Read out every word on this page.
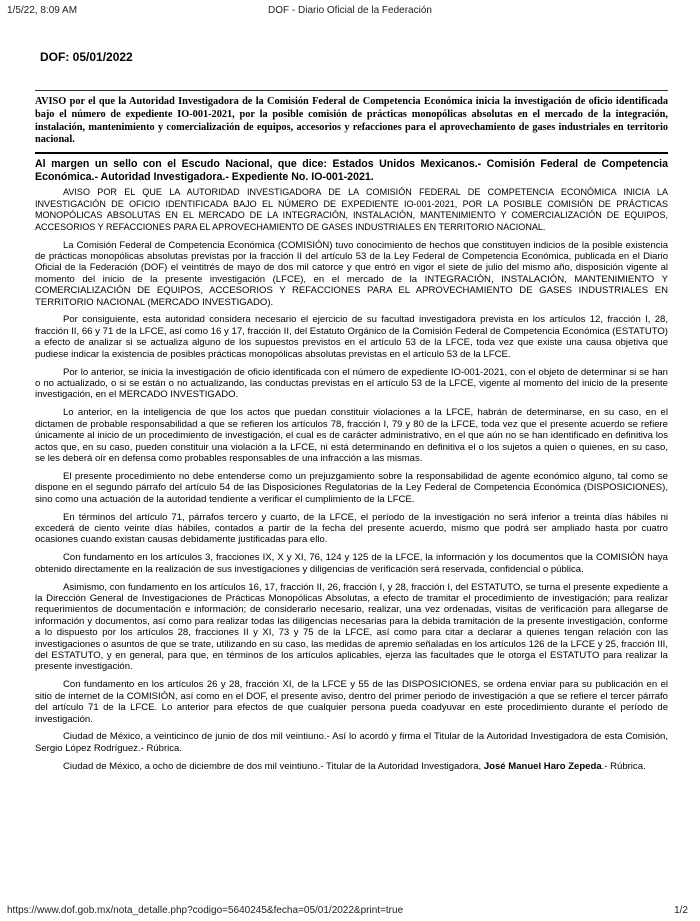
1/5/22, 8:09 AM	DOF - Diario Oficial de la Federación
DOF: 05/01/2022
AVISO por el que la Autoridad Investigadora de la Comisión Federal de Competencia Económica inicia la investigación de oficio identificada bajo el número de expediente IO-001-2021, por la posible comisión de prácticas monopólicas absolutas en el mercado de la integración, instalación, mantenimiento y comercialización de equipos, accesorios y refacciones para el aprovechamiento de gases industriales en territorio nacional.
Al margen un sello con el Escudo Nacional, que dice: Estados Unidos Mexicanos.- Comisión Federal de Competencia Económica.- Autoridad Investigadora.- Expediente No. IO-001-2021.

AVISO POR EL QUE LA AUTORIDAD INVESTIGADORA DE LA COMISIÓN FEDERAL DE COMPETENCIA ECONÓMICA INICIA LA INVESTIGACIÓN DE OFICIO IDENTIFICADA BAJO EL NÚMERO DE EXPEDIENTE IO-001-2021, POR LA POSIBLE COMISIÓN DE PRÁCTICAS MONOPÓLICAS ABSOLUTAS EN EL MERCADO DE LA INTEGRACIÓN, INSTALACIÓN, MANTENIMIENTO Y COMERCIALIZACIÓN DE EQUIPOS, ACCESORIOS Y REFACCIONES PARA EL APROVECHAMIENTO DE GASES INDUSTRIALES EN TERRITORIO NACIONAL.

La Comisión Federal de Competencia Económica (COMISIÓN) tuvo conocimiento de hechos que constituyen indicios de la posible existencia de prácticas monopólicas absolutas previstas por la fracción II del artículo 53 de la Ley Federal de Competencia Económica, publicada en el Diario Oficial de la Federación (DOF) el veintitrés de mayo de dos mil catorce y que entró en vigor el siete de julio del mismo año, disposición vigente al momento del inicio de la presente investigación (LFCE), en el mercado de la INTEGRACIÓN, INSTALACIÓN, MANTENIMIENTO Y COMERCIALIZACIÓN DE EQUIPOS, ACCESORIOS Y REFACCIONES PARA EL APROVECHAMIENTO DE GASES INDUSTRIALES EN TERRITORIO NACIONAL (MERCADO INVESTIGADO).

Por consiguiente, esta autoridad considera necesario el ejercicio de su facultad investigadora prevista en los artículos 12, fracción I, 28, fracción II, 66 y 71 de la LFCE, así como 16 y 17, fracción II, del Estatuto Orgánico de la Comisión Federal de Competencia Económica (ESTATUTO) a efecto de analizar si se actualiza alguno de los supuestos previstos en el artículo 53 de la LFCE, toda vez que existe una causa objetiva que pudiese indicar la existencia de posibles prácticas monopólicas absolutas previstas en el artículo 53 de la LFCE.

Por lo anterior, se inicia la investigación de oficio identificada con el número de expediente IO-001-2021, con el objeto de determinar si se han o no actualizado, o si se están o no actualizando, las conductas previstas en el artículo 53 de la LFCE, vigente al momento del inicio de la presente investigación, en el MERCADO INVESTIGADO.

Lo anterior, en la inteligencia de que los actos que puedan constituir violaciones a la LFCE, habrán de determinarse, en su caso, en el dictamen de probable responsabilidad a que se refieren los artículos 78, fracción I, 79 y 80 de la LFCE, toda vez que el presente acuerdo se refiere únicamente al inicio de un procedimiento de investigación, el cual es de carácter administrativo, en el que aún no se han identificado en definitiva los actos que, en su caso, pueden constituir una violación a la LFCE, ni está determinando en definitiva el o los sujetos a quien o quienes, en su caso, se les deberá oír en defensa como probables responsables de una infracción a las mismas.

El presente procedimiento no debe entenderse como un prejuzgamiento sobre la responsabilidad de agente económico alguno, tal como se dispone en el segundo párrafo del artículo 54 de las Disposiciones Regulatorias de la Ley Federal de Competencia Económica (DISPOSICIONES), sino como una actuación de la autoridad tendiente a verificar el cumplimiento de la LFCE.

En términos del artículo 71, párrafos tercero y cuarto, de la LFCE, el período de la investigación no será inferior a treinta días hábiles ni excederá de ciento veinte días hábiles, contados a partir de la fecha del presente acuerdo, mismo que podrá ser ampliado hasta por cuatro ocasiones cuando existan causas debidamente justificadas para ello.

Con fundamento en los artículos 3, fracciones IX, X y XI, 76, 124 y 125 de la LFCE, la información y los documentos que la COMISIÓN haya obtenido directamente en la realización de sus investigaciones y diligencias de verificación será reservada, confidencial o pública.

Asimismo, con fundamento en los artículos 16, 17, fracción II, 26, fracción I, y 28, fracción I, del ESTATUTO, se turna el presente expediente a la Dirección General de Investigaciones de Prácticas Monopólicas Absolutas, a efecto de tramitar el procedimiento de investigación; para realizar requerimientos de documentación e información; de considerarlo necesario, realizar, una vez ordenadas, visitas de verificación para allegarse de información y documentos, así como para realizar todas las diligencias necesarias para la debida tramitación de la presente investigación, conforme a lo dispuesto por los artículos 28, fracciones II y XI, 73 y 75 de la LFCE, así como para citar a declarar a quienes tengan relación con las investigaciones o asuntos de que se trate, utilizando en su caso, las medidas de apremio señaladas en los artículos 126 de la LFCE y 25, fracción III, del ESTATUTO, y en general, para que, en términos de los artículos aplicables, ejerza las facultades que le otorga el ESTATUTO para realizar la presente investigación.

Con fundamento en los artículos 26 y 28, fracción XI, de la LFCE y 55 de las DISPOSICIONES, se ordena enviar para su publicación en el sitio de internet de la COMISIÓN, así como en el DOF, el presente aviso, dentro del primer periodo de investigación a que se refiere el tercer párrafo del artículo 71 de la LFCE. Lo anterior para efectos de que cualquier persona pueda coadyuvar en este procedimiento durante el período de investigación.

Ciudad de México, a veinticinco de junio de dos mil veintiuno.- Así lo acordó y firma el Titular de la Autoridad Investigadora de esta Comisión, Sergio López Rodríguez.- Rúbrica.

Ciudad de México, a ocho de diciembre de dos mil veintiuno.- Titular de la Autoridad Investigadora, José Manuel Haro Zepeda.- Rúbrica.

https://www.dof.gob.mx/nota_detalle.php?codigo=5640245&fecha=05/01/2022&print=true	1/2
